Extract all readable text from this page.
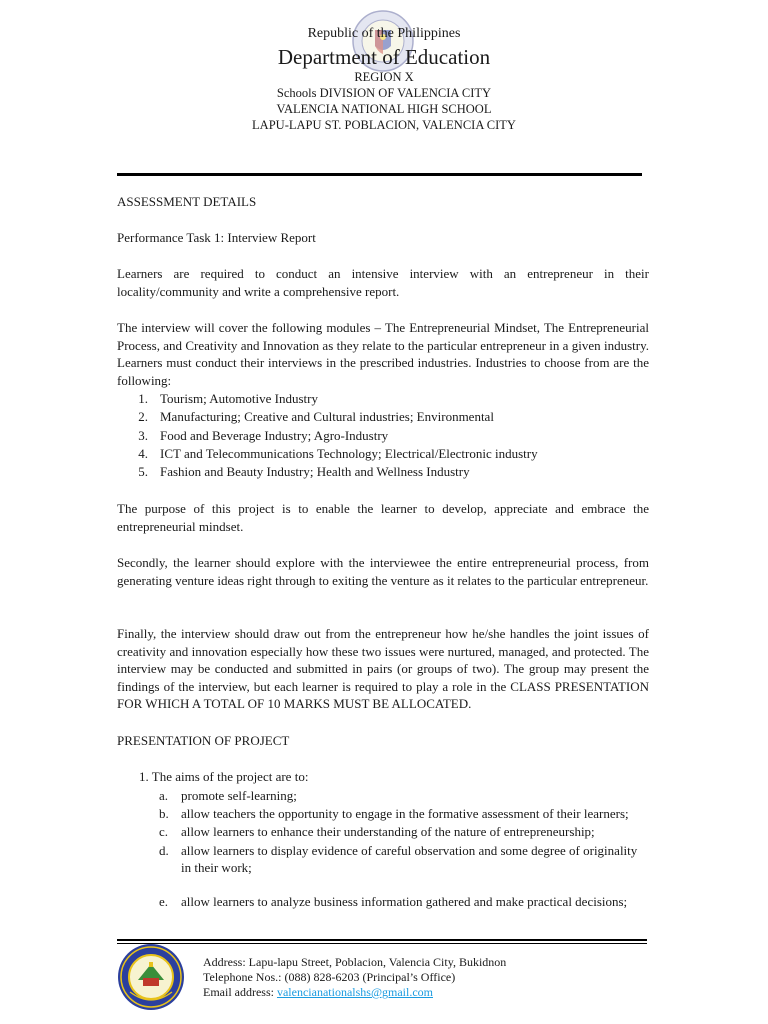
Republic of the Philippines
Department of Education
REGION X
Schools DIVISION OF VALENCIA CITY
VALENCIA NATIONAL HIGH SCHOOL
LAPU-LAPU ST. POBLACION, VALENCIA CITY
ASSESSMENT DETAILS
Performance Task 1: Interview Report

Learners are required to conduct an intensive interview with an entrepreneur in their locality/community and write a comprehensive report.

The interview will cover the following modules – The Entrepreneurial Mindset, The Entrepreneurial Process, and Creativity and Innovation as they relate to the particular entrepreneur in a given industry. Learners must conduct their interviews in the prescribed industries. Industries to choose from are the following:

1. Tourism; Automotive Industry
2. Manufacturing; Creative and Cultural industries; Environmental
3. Food and Beverage Industry; Agro-Industry
4. ICT and Telecommunications Technology; Electrical/Electronic industry
5. Fashion and Beauty Industry; Health and Wellness Industry

The purpose of this project is to enable the learner to develop, appreciate and embrace the entrepreneurial mindset.

Secondly, the learner should explore with the interviewee the entire entrepreneurial process, from generating venture ideas right through to exiting the venture as it relates to the particular entrepreneur.

Finally, the interview should draw out from the entrepreneur how he/she handles the joint issues of creativity and innovation especially how these two issues were nurtured, managed, and protected. The interview may be conducted and submitted in pairs (or groups of two). The group may present the findings of the interview, but each learner is required to play a role in the CLASS PRESENTATION FOR WHICH A TOTAL OF 10 MARKS MUST BE ALLOCATED.

PRESENTATION OF PROJECT
1. The aims of the project are to:
a. promote self-learning;
b. allow teachers the opportunity to engage in the formative assessment of their learners;
c. allow learners to enhance their understanding of the nature of entrepreneurship;
d. allow learners to display evidence of careful observation and some degree of originality in their work;
e. allow learners to analyze business information gathered and make practical decisions;
Address: Lapu-lapu Street, Poblacion, Valencia City, Bukidnon
Telephone Nos.: (088) 828-6203 (Principal’s Office)
Email address: valencianationalshs@gmail.com
